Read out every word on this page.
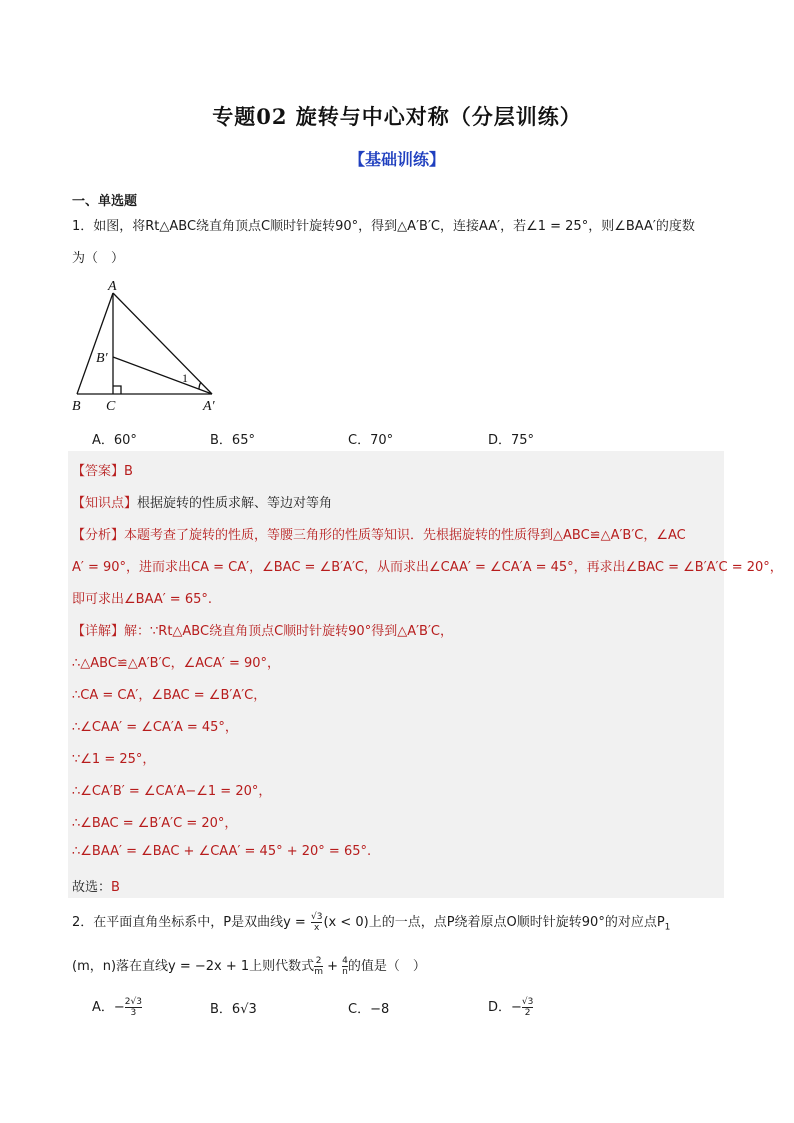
专题02 旋转与中心对称（分层训练）
【基础训练】
一、单选题
1．如图，将Rt△ABC绕直角顶点C顺时针旋转90°，得到△A′B′C，连接AA′，若∠1 = 25°，则∠BAA′的度数
为（　）
A
B C
B′
A′
1
A．60°	B．65°	C．70°	D．75°
【答案】B
【知识点】根据旋转的性质求解、等边对等角
【分析】本题考查了旋转的性质，等腰三角形的性质等知识．先根据旋转的性质得到△ABC≌△A′B′C，∠AC
A′ = 90°，进而求出CA = CA′，∠BAC = ∠B′A′C，从而求出∠CAA′ = ∠CA′A = 45°，再求出∠BAC = ∠B′A′C = 20°，
即可求出∠BAA′ = 65°.
【详解】解：∵Rt△ABC绕直角顶点C顺时针旋转90°得到△A′B′C，
∴△ABC≌△A′B′C，∠ACA′ = 90°，
∴CA = CA′，∠BAC = ∠B′A′C，
∴∠CAA′ = ∠CA′A = 45°，
∵∠1 = 25°，
∴∠CA′B′ = ∠CA′A−∠1 = 20°，
∴∠BAC = ∠B′A′C = 20°，
∴∠BAA′ = ∠BAC + ∠CAA′ = 45° + 20° = 65°.
故选：B
2．在平面直角坐标系中，P是双曲线$y = \frac{√3}{x} (x < 0)$上的一点，点P绕着原点O顺时针旋转90°的对应点$P_1$
(m，n)落在直线y = −2x + 1上则代数式 $\frac{2}{m} + \frac{4}{n}$ 的值是（　）
A．− $\frac{2√3}{3}$	B．6√3	C．−8	D．− $\frac{√3}{2}$
